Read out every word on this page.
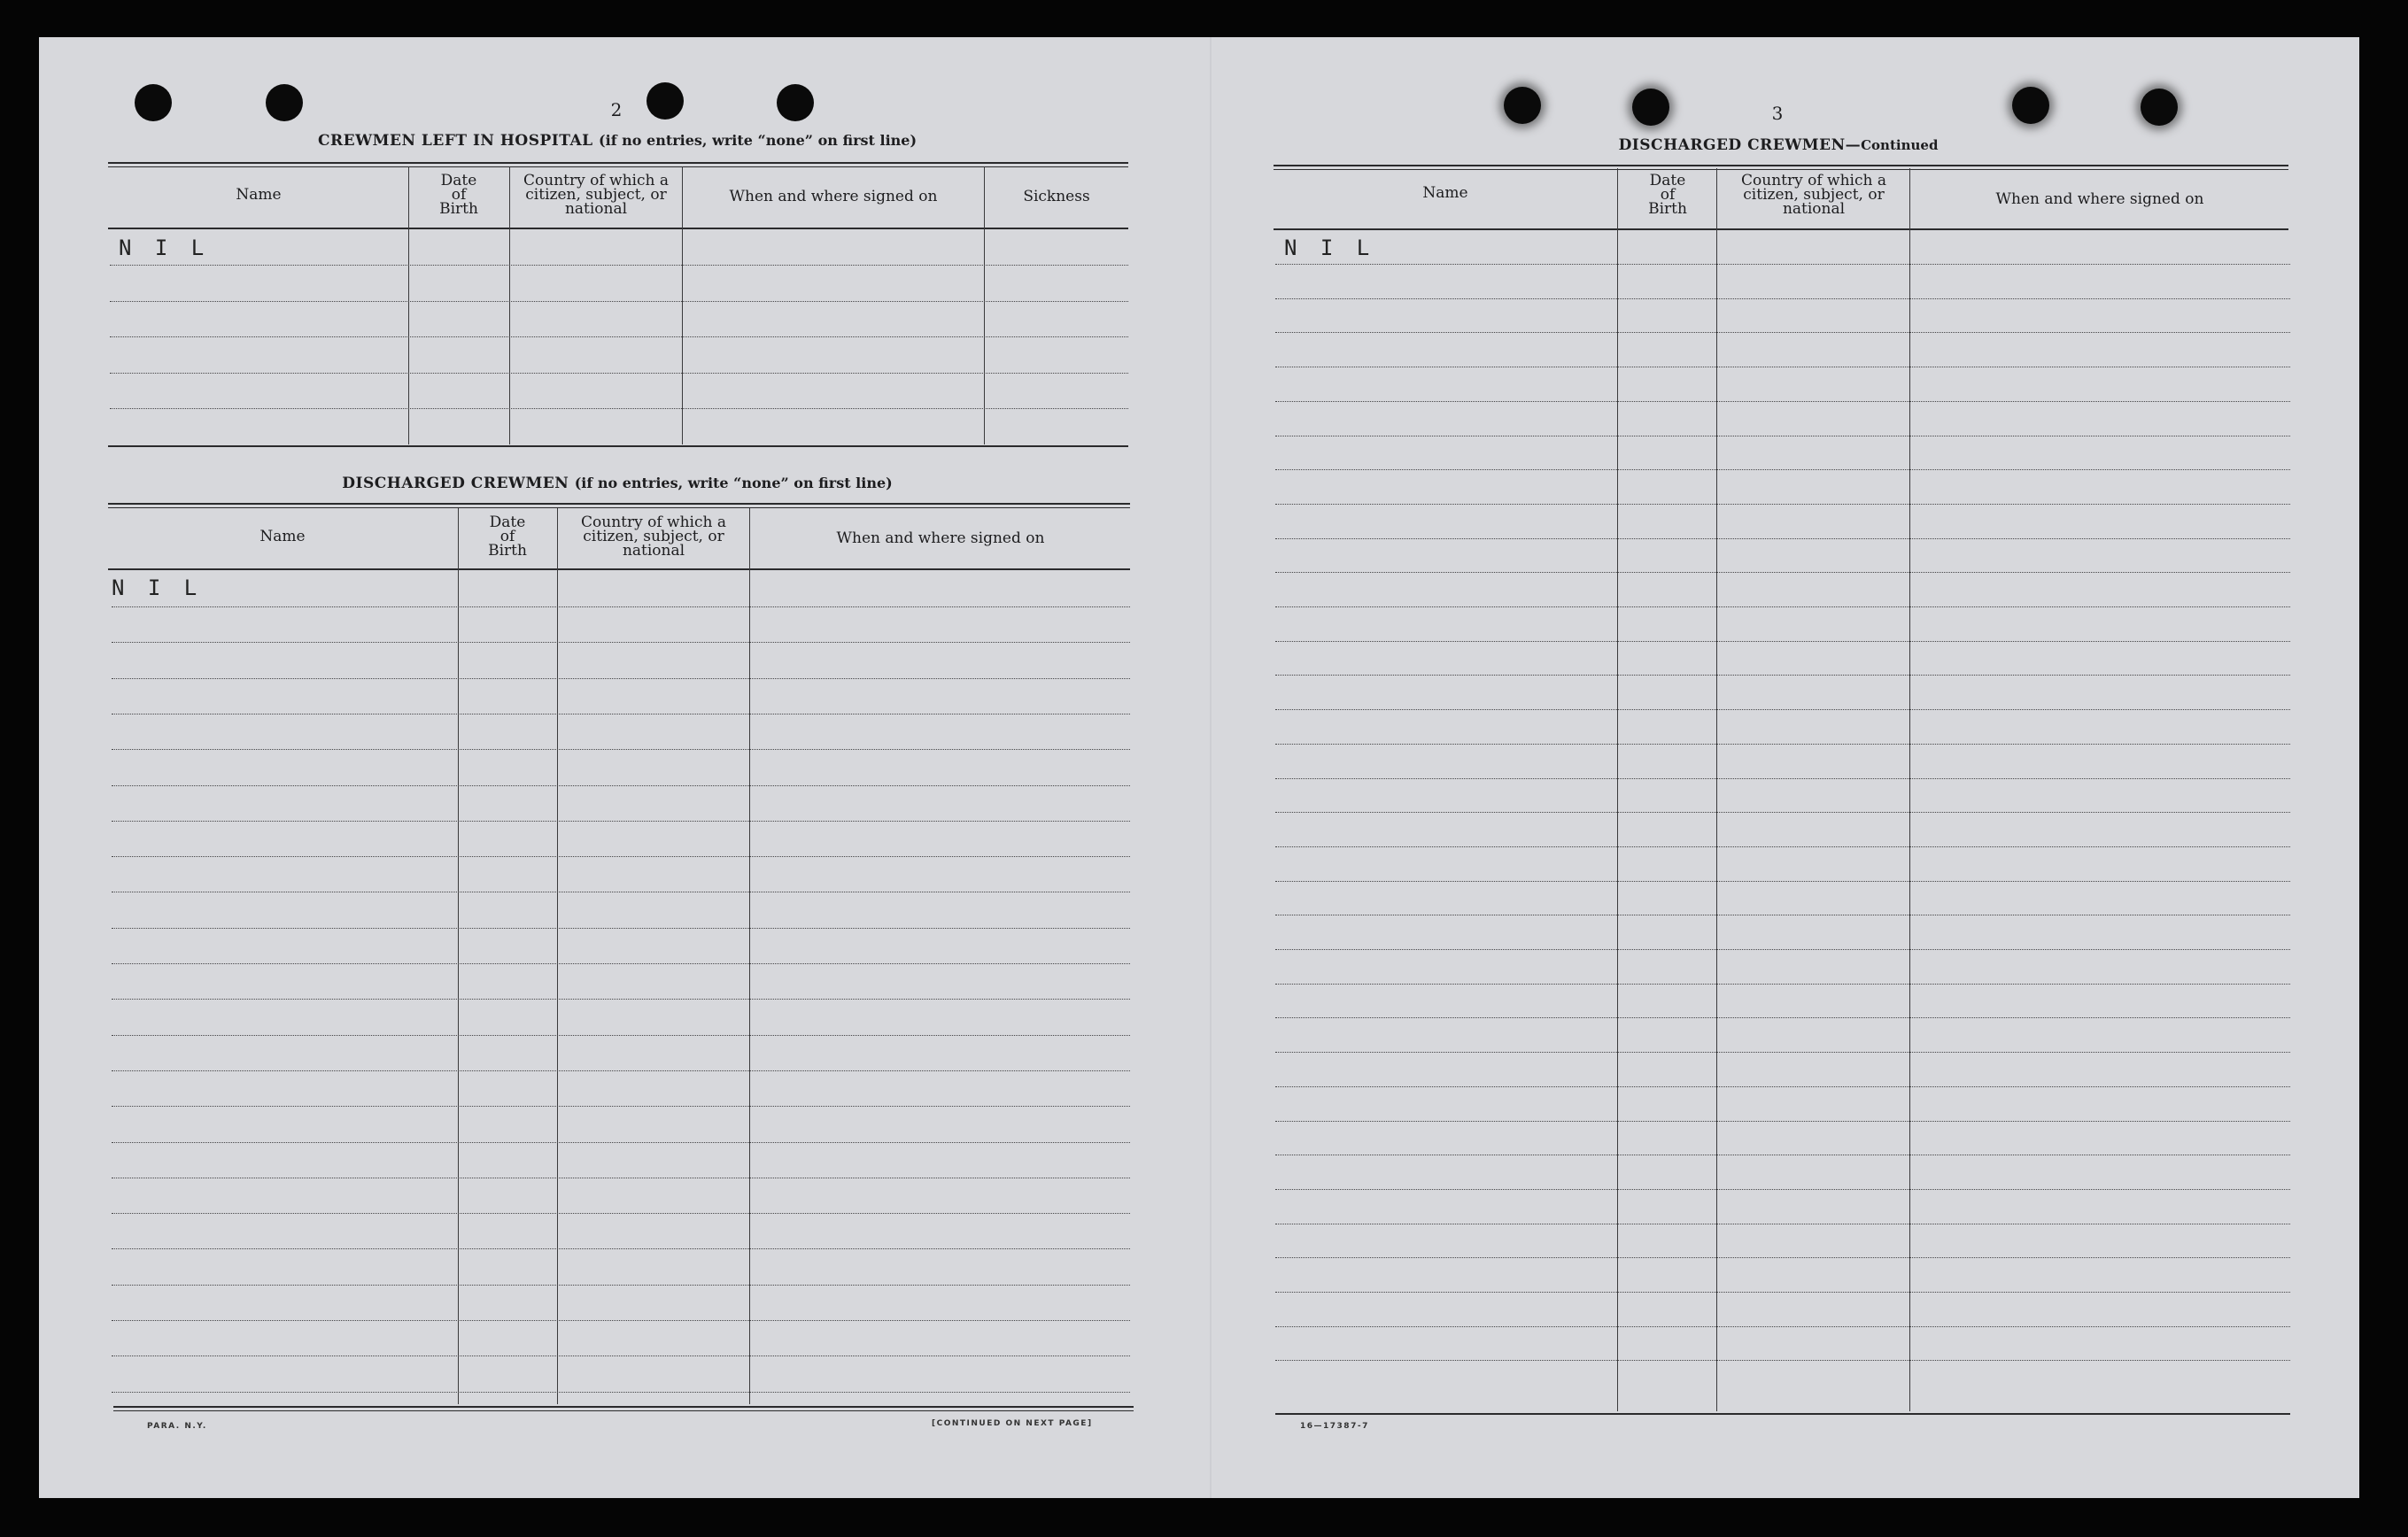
2
CREWMEN LEFT IN HOSPITAL (if no entries, write “none” on first line)
Name
Date
of
Birth
Country of which a
citizen, subject, or
national
When and where signed on	Sickness
N I L
DISCHARGED CREWMEN (if no entries, write “none” on first line)
Name
Date
of
Birth
Country of which a
citizen, subject, or
national
When and where signed on
N I L
PARA. N.Y.	[CONTINUED ON NEXT PAGE]
3
DISCHARGED CREWMEN—Continued
Name
Date
of
Birth
Country of which a
citizen, subject, or
national
When and where signed on
N I L
16—17387-7
